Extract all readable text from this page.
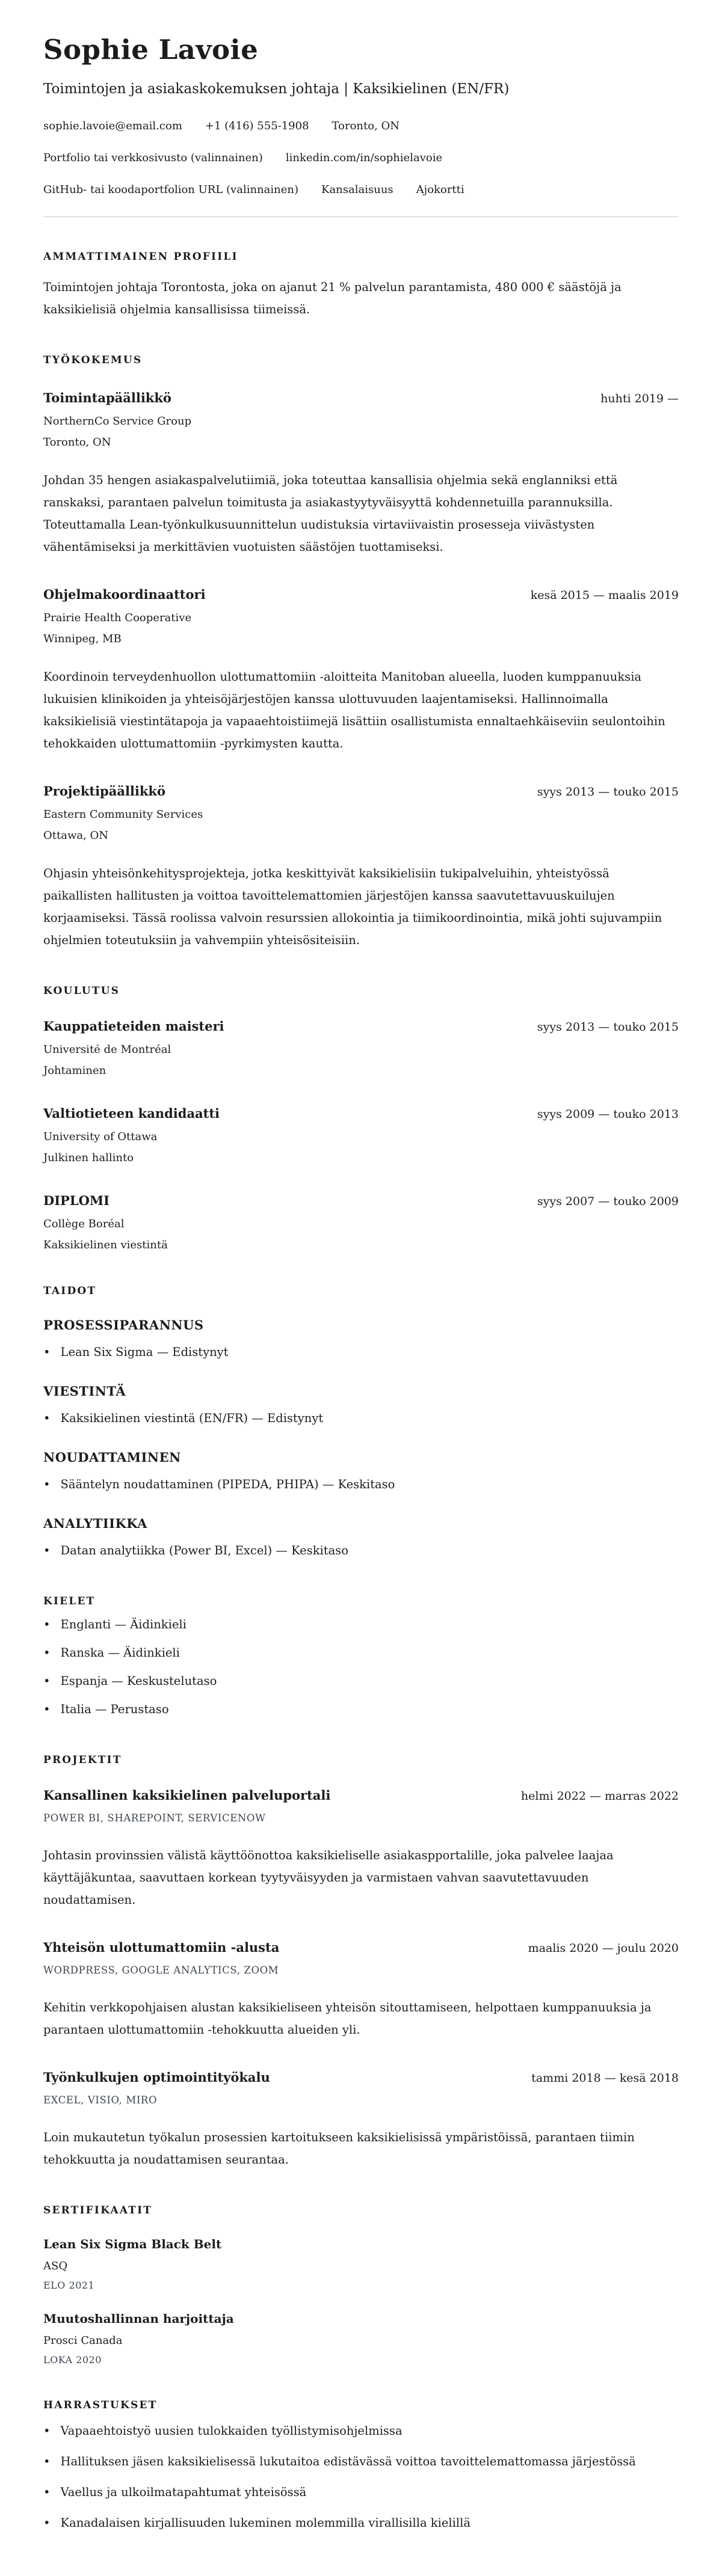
Sophie Lavoie
Toimintojen ja asiakaskokemuksen johtaja | Kaksikielinen (EN/FR)
sophie.lavoie@email.com +1 (416) 555-1908 Toronto, ON
Portfolio tai verkkosivusto (valinnainen) linkedin.com/in/sophielavoie
GitHub- tai koodaportfolion URL (valinnainen) Kansalaisuus Ajokortti
AMMATTIMAINEN PROFIILI

Toimintojen johtaja Torontosta, joka on ajanut 21 % palvelun parantamista, 480 000 € säästöjä ja kaksikielisiä ohjelmia kansallisissa tiimeissä.

TYÖKOKEMUS
Toimintapäällikkö	huhti 2019 —
NorthernCo Service Group
Toronto, ON

Johdan 35 hengen asiakaspalvelutiimiä, joka toteuttaa kansallisia ohjelmia sekä englanniksi että ranskaksi, parantaen palvelun toimitusta ja asiakastyytyväisyyttä kohdennetuilla parannuksilla. Toteuttamalla Lean-työnkulkusuunnittelun uudistuksia virtaviivaistin prosesseja viivästysten vähentämiseksi ja merkittävien vuotuisten säästöjen tuottamiseksi.

Ohjelmakoordinaattori	kesä 2015 — maalis 2019
Prairie Health Cooperative
Winnipeg, MB

Koordinoin terveydenhuollon ulottumattomiin -aloitteita Manitoban alueella, luoden kumppanuuksia lukuisien klinikoiden ja yhteisöjärjestöjen kanssa ulottuvuuden laajentamiseksi. Hallinnoimalla kaksikielisiä viestintätapoja ja vapaaehtoistiimejä lisättiin osallistumista ennaltaehkäiseviin seulontoihin tehokkaiden ulottumattomiin -pyrkimysten kautta.

Projektipäällikkö	syys 2013 — touko 2015
Eastern Community Services
Ottawa, ON

Ohjasin yhteisönkehitysprojekteja, jotka keskittyivät kaksikielisiin tukipalveluihin, yhteistyössä paikallisten hallitusten ja voittoa tavoittelemattomien järjestöjen kanssa saavutettavuuskuilujen korjaamiseksi. Tässä roolissa valvoin resurssien allokointia ja tiimikoordinointia, mikä johti sujuvampiin ohjelmien toteutuksiin ja vahvempiin yhteisösiteisiin.

KOULUTUS
Kauppatieteiden maisteri	syys 2013 — touko 2015
Université de Montréal
Johtaminen
Valtiotieteen kandidaatti	syys 2009 — touko 2013
University of Ottawa
Julkinen hallinto
DIPLOMI	syys 2007 — touko 2009
Collège Boréal
Kaksikielinen viestintä
TAIDOT
PROSESSIPARANNUS
• Lean Six Sigma — Edistynyt
VIESTINTÄ
• Kaksikielinen viestintä (EN/FR) — Edistynyt
NOUDATTAMINEN
• Sääntelyn noudattaminen (PIPEDA, PHIPA) — Keskitaso
ANALYTIIKKA
• Datan analytiikka (Power BI, Excel) — Keskitaso
KIELET
• Englanti — Äidinkieli
• Ranska — Äidinkieli
• Espanja — Keskustelutaso
• Italia — Perustaso
PROJEKTIT
Kansallinen kaksikielinen palveluportali	helmi 2022 — marras 2022
POWER BI, SHAREPOINT, SERVICENOW

Johtasin provinssien välistä käyttöönottoa kaksikieliselle asiakaspportalille, joka palvelee laajaa käyttäjäkuntaa, saavuttaen korkean tyytyväisyyden ja varmistaen vahvan saavutettavuuden noudattamisen.

Yhteisön ulottumattomiin -alusta	maalis 2020 — joulu 2020
WORDPRESS, GOOGLE ANALYTICS, ZOOM

Kehitin verkkopohjaisen alustan kaksikieliseen yhteisön sitouttamiseen, helpottaen kumppanuuksia ja parantaen ulottumattomiin -tehokkuutta alueiden yli.

Työnkulkujen optimointityökalu	tammi 2018 — kesä 2018
EXCEL, VISIO, MIRO

Loin mukautetun työkalun prosessien kartoitukseen kaksikielisissä ympäristöissä, parantaen tiimin tehokkuutta ja noudattamisen seurantaa.

SERTIFIKAATIT
Lean Six Sigma Black Belt
ASQ
ELO 2021
Muutoshallinnan harjoittaja
Prosci Canada
LOKA 2020
HARRASTUKSET
• Vapaaehtoistyö uusien tulokkaiden työllistymisohjelmissa
• Hallituksen jäsen kaksikielisessä lukutaitoa edistävässä voittoa tavoittelemattomassa järjestössä
• Vaellus ja ulkoilmatapahtumat yhteisössä
• Kanadalaisen kirjallisuuden lukeminen molemmilla virallisilla kielillä
